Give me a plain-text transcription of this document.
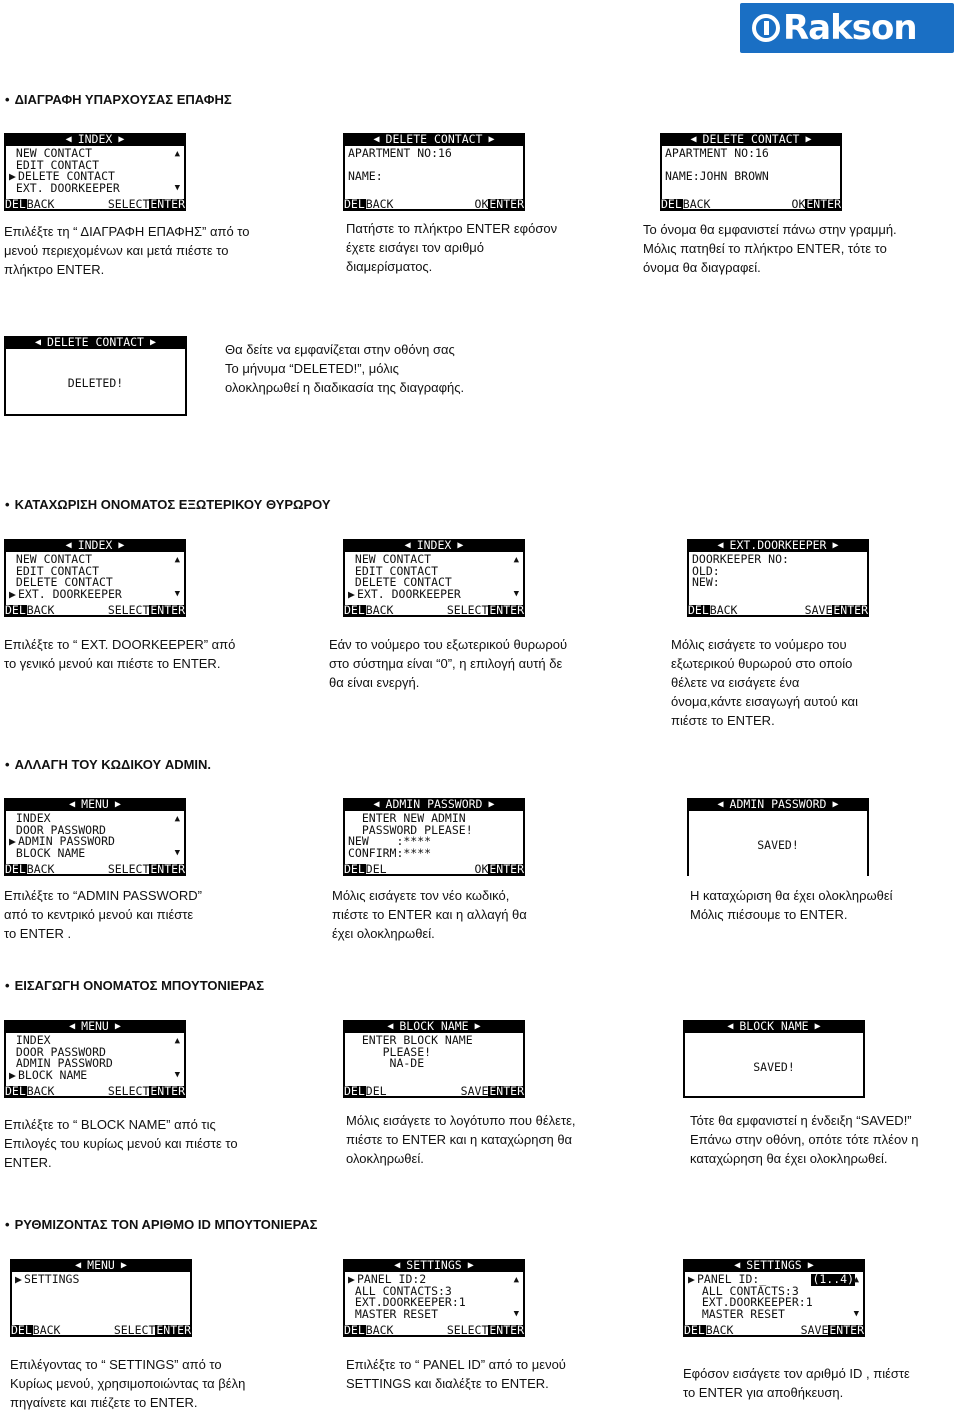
Rakson
• ΔΙΑΓΡΑΦΗ ΥΠΑΡΧΟΥΣΑΣ ΕΠΑΦΗΣ
• ΚΑΤΑΧΩΡΙΣΗ ΟΝΟΜΑΤΟΣ ΕΞΩΤΕΡΙΚΟΥ ΘΥΡΩΡΟΥ
• ΑΛΛΑΓΗ ΤΟΥ ΚΩΔΙΚΟΥ ADMIN.
• ΕΙΣΑΓΩΓΗ ΟΝΟΜΑΤΟΣ ΜΠΟΥΤΟΝΙΕΡΑΣ
• ΡΥΘΜΙΖΟΝΤΑΣ ΤΟΝ ΑΡΙΘΜΟ ID ΜΠΟΥΤΟΝΙΕΡΑΣ
◀ INDEX ▶
NEW CONTACT
EDIT CONTACT
▶ DELETE CONTACT
EXT. DOORKEEPER
▲
▼
DEL BACK	SELECT ENTER
◀ DELETE CONTACT ▶
APARTMENT NO:16
NAME:
DEL BACK	OK ENTER
◀ DELETE CONTACT ▶
APARTMENT NO:16
NAME:JOHN BROWN
DEL BACK	OK ENTER
◀ DELETE CONTACT ▶
DELETED!
◀ INDEX ▶
NEW CONTACT
EDIT CONTACT
DELETE CONTACT
▶ EXT. DOORKEEPER
▲
▼
DEL BACK	SELECT ENTER
◀ INDEX ▶
NEW CONTACT
EDIT CONTACT
DELETE CONTACT
▶ EXT. DOORKEEPER
▲
▼
DEL BACK	SELECT ENTER
◀ EXT.DOORKEEPER ▶
DOORKEEPER NO:
OLD:
NEW:
DEL BACK	SAVE ENTER
◀ MENU ▶
INDEX
DOOR PASSWORD
▶ ADMIN PASSWORD
BLOCK NAME
▲
▼
DEL BACK	SELECT ENTER
◀ ADMIN PASSWORD ▶
ENTER NEW ADMIN
PASSWORD PLEASE!
NEW    :****
CONFIRM:****
DEL DEL	OK ENTER
◀ ADMIN PASSWORD ▶
SAVED!
◀ MENU ▶
INDEX
DOOR PASSWORD
ADMIN PASSWORD
▶ BLOCK NAME
▲
▼
DEL BACK	SELECT ENTER
◀ BLOCK NAME ▶
ENTER BLOCK NAME
PLEASE!
NA-DE
DEL DEL	SAVE ENTER
◀ BLOCK NAME ▶
SAVED!
◀ MENU ▶
▶ SETTINGS
DEL BACK	SELECT ENTER
◀ SETTINGS ▶
▶ PANEL ID:2
ALL CONTACTS:3
EXT.DOORKEEPER:1
MASTER RESET
▲
▼
DEL BACK	SELECT ENTER
◀ SETTINGS ▶
▶ PANEL ID:_	(1..4)
ALL CONTACTS:3
EXT.DOORKEEPER:1
MASTER RESET
▲
▼
DEL BACK	SAVE ENTER

Επιλέξτε τη “ ΔΙΑΓΡΑΦΗ ΕΠΑΦΗΣ” από το

μενού περιεχομένων και μετά πιέστε το

πλήκτρο ENTER.

Πατήστε το πλήκτρο ENTER εφόσον

έχετε εισάγει τον αριθμό

διαμερίσματος.

Το όνομα θα εμφανιστεί πάνω στην γραμμή.

Μόλις πατηθεί το πλήκτρο ENTER, τότε το

όνομα θα διαγραφεί.

Θα δείτε να εμφανίζεται στην οθόνη σας

Το μήνυμα “DELETED!”, μόλις

ολοκληρωθεί η διαδικασία της διαγραφής.

Επιλέξτε το “ EXT. DOORKEEPER” από

το γενικό μενού και πιέστε το ENTER.

Εάν το νούμερο του εξωτερικού θυρωρού

στο σύστημα είναι “0”, η επιλογή αυτή δε

θα είναι ενεργή.

Μόλις εισάγετε το νούμερο του

εξωτερικού θυρωρού στο οποίο

θέλετε να εισάγετε ένα

όνομα,κάντε εισαγωγή αυτού και

πιέστε το ENTER.

Επιλέξτε το “ADMIN PASSWORD”

από το κεντρικό μενού και πιέστε

το ENTER .

Μόλις εισάγετε τον νέο κωδικό,

πιέστε το ENTER και η αλλαγή θα

έχει ολοκληρωθεί.

Η καταχώριση θα έχει ολοκληρωθεί

Μόλις πιέσουμε το ENTER.

Επιλέξτε το “ BLOCK NAME” από τις

Επιλογές του κυρίως μενού και πιέστε το

ENTER.

Μόλις εισάγετε το λογότυπο που θέλετε,

πιέστε το ENTER και η καταχώρηση θα

ολοκληρωθεί.

Τότε θα εμφανιστεί η ένδειξη “SAVED!”

Επάνω στην οθόνη, οπότε τότε πλέον η

καταχώρηση θα έχει ολοκληρωθεί.

Επιλέγοντας το “ SETTINGS” από το

Κυρίως μενού, χρησιμοποιώντας τα βέλη

πηγαίνετε και πιέζετε το ENTER.

Επιλέξτε το “ PANEL ID” από το μενού

SETTINGS και διαλέξτε το ENTER.

Εφόσον εισάγετε τον αριθμό ID , πιέστε

το ENTER για αποθήκευση.
